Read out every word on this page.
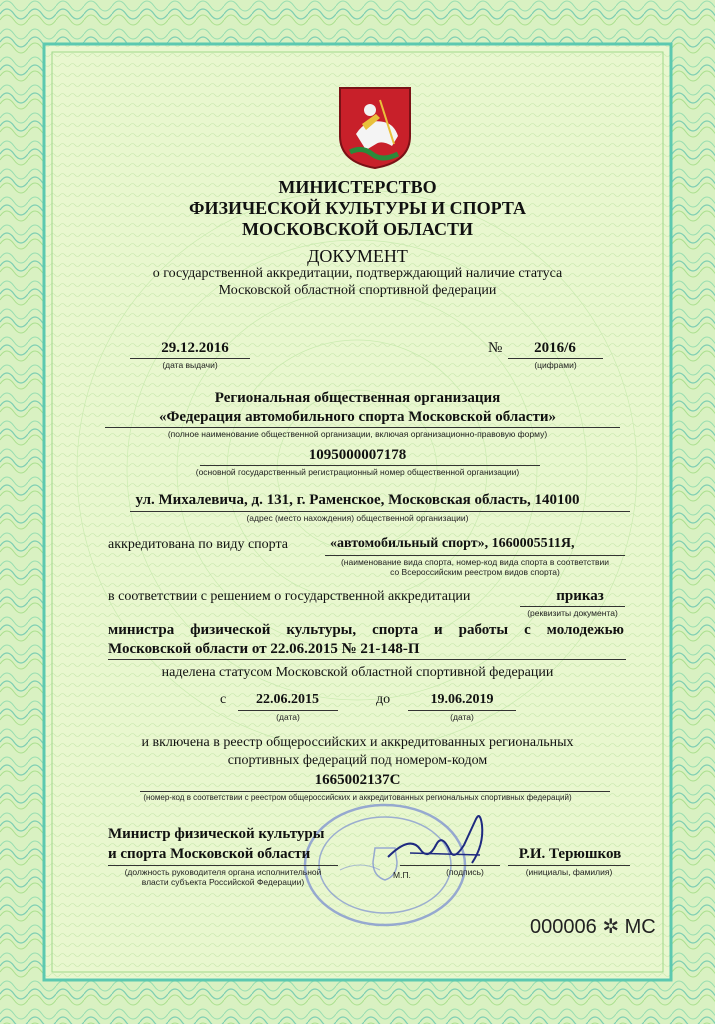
МИНИСТЕРСТВО
ФИЗИЧЕСКОЙ КУЛЬТУРЫ И СПОРТА
МОСКОВСКОЙ ОБЛАСТИ
ДОКУМЕНТ
о государственной аккредитации, подтверждающий наличие статуса
Московской областной спортивной федерации
29.12.2016
(дата выдачи)
№	2016/6
(цифрами)
Региональная общественная организация
«Федерация автомобильного спорта Московской области»
(полное наименование общественной организации, включая организационно-правовую форму)
1095000007178
(основной государственный регистрационный номер общественной организации)
ул. Михалевича, д. 131, г. Раменское, Московская область, 140100
(адрес (место нахождения) общественной организации)
аккредитована по виду спорта	«автомобильный спорт», 1660005511Я,
(наименование вида спорта, номер-код вида спорта в соответствии
со Всероссийским реестром видов спорта)
в соответствии с решением о государственной аккредитации	приказ
(реквизиты документа)
министра физической культуры, спорта и работы с молодежью
Московской области от 22.06.2015 № 21-148-П
наделена статусом Московской областной спортивной федерации
с	22.06.2015
(дата)
до	19.06.2019
(дата)
и включена в реестр общероссийских и аккредитованных региональных
спортивных федераций под номером-кодом
1665002137С
(номер-код в соответствии с реестром общероссийских и аккредитованных региональных спортивных федераций)
Министр физической культуры
и спорта Московской области
(должность руководителя органа исполнительной
власти субъекта Российской Федерации)
М.П.	(подпись)
Р.И. Терюшков
(инициалы, фамилия)
000006 ✲ МС
